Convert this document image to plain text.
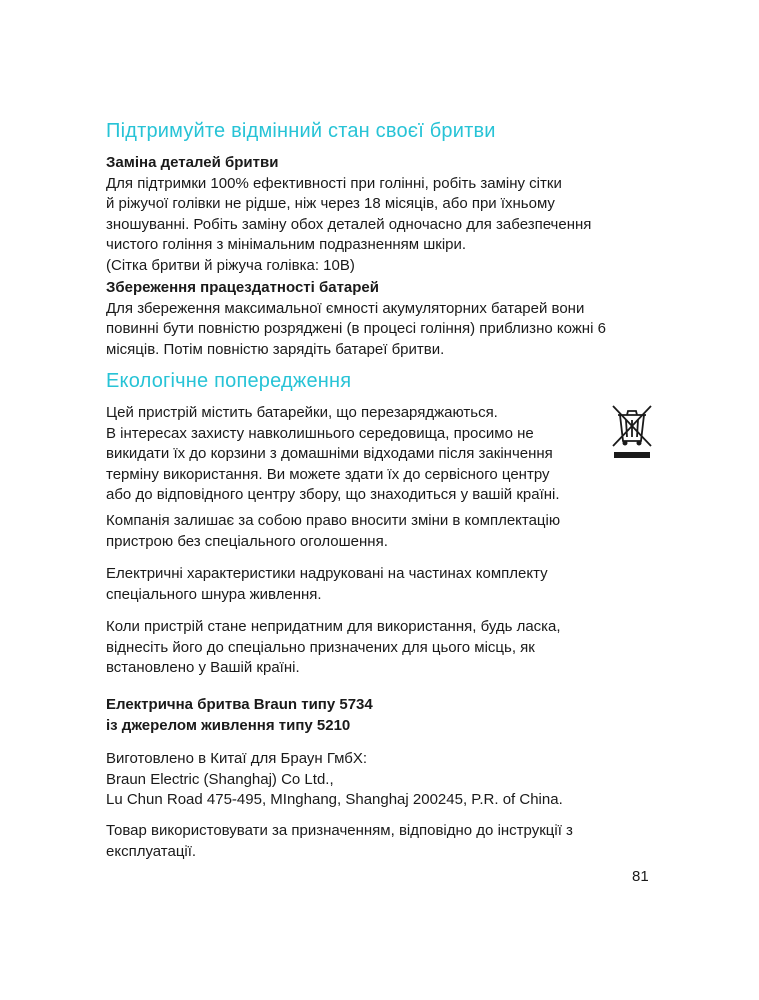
Підтримуйте відмінний стан своєї бритви
Заміна деталей бритви
Для підтримки 100% ефективності при голінні, робіть заміну сітки
й ріжучої голівки не рідше, ніж через 18 місяців, або при їхньому
зношуванні. Робіть заміну обох деталей одночасно для забезпечення
чистого гоління з мінімальним подразненням шкіри.
(Сітка бритви й ріжуча голівка: 10B)
Збереження працездатності батарей
Для збереження максимальної ємності акумуляторних батарей вони
повинні бути повністю розряджені (в процесі гоління) приблизно кожні 6
місяців. Потім повністю зарядіть батареї бритви.
Екологічне попередження
Цей пристрій містить батарейки, що перезаряджаються.
В інтересах захисту навколишнього середовища, просимо не
викидати їх до корзини з домашніми відходами після закінчення
терміну використання. Ви можете здати їх до сервісного центру
або до відповідного центру збору, що знаходиться у вашій країні.
Компанія залишає за собою право вносити зміни в комплектацію
пристрою без спеціального оголошення.
Електричні характеристики надруковані на частинах комплекту
спеціального шнура живлення.
Коли пристрій стане непридатним для використання, будь ласка,
віднесіть його до спеціально призначених для цього місць, як
встановлено у Вашій країні.
Електрична бритва Braun типу 5734
із джерелом живлення типу 5210
Виготовлено в Китаї для Браун ГмбХ:
Braun Electric (Shanghaj) Co Ltd.,
Lu Chun Road 475-495, MInghang, Shanghaj 200245, P.R. of China.
Товар використовувати за призначенням, відповідно до інструкції з
експлуатації.
81
